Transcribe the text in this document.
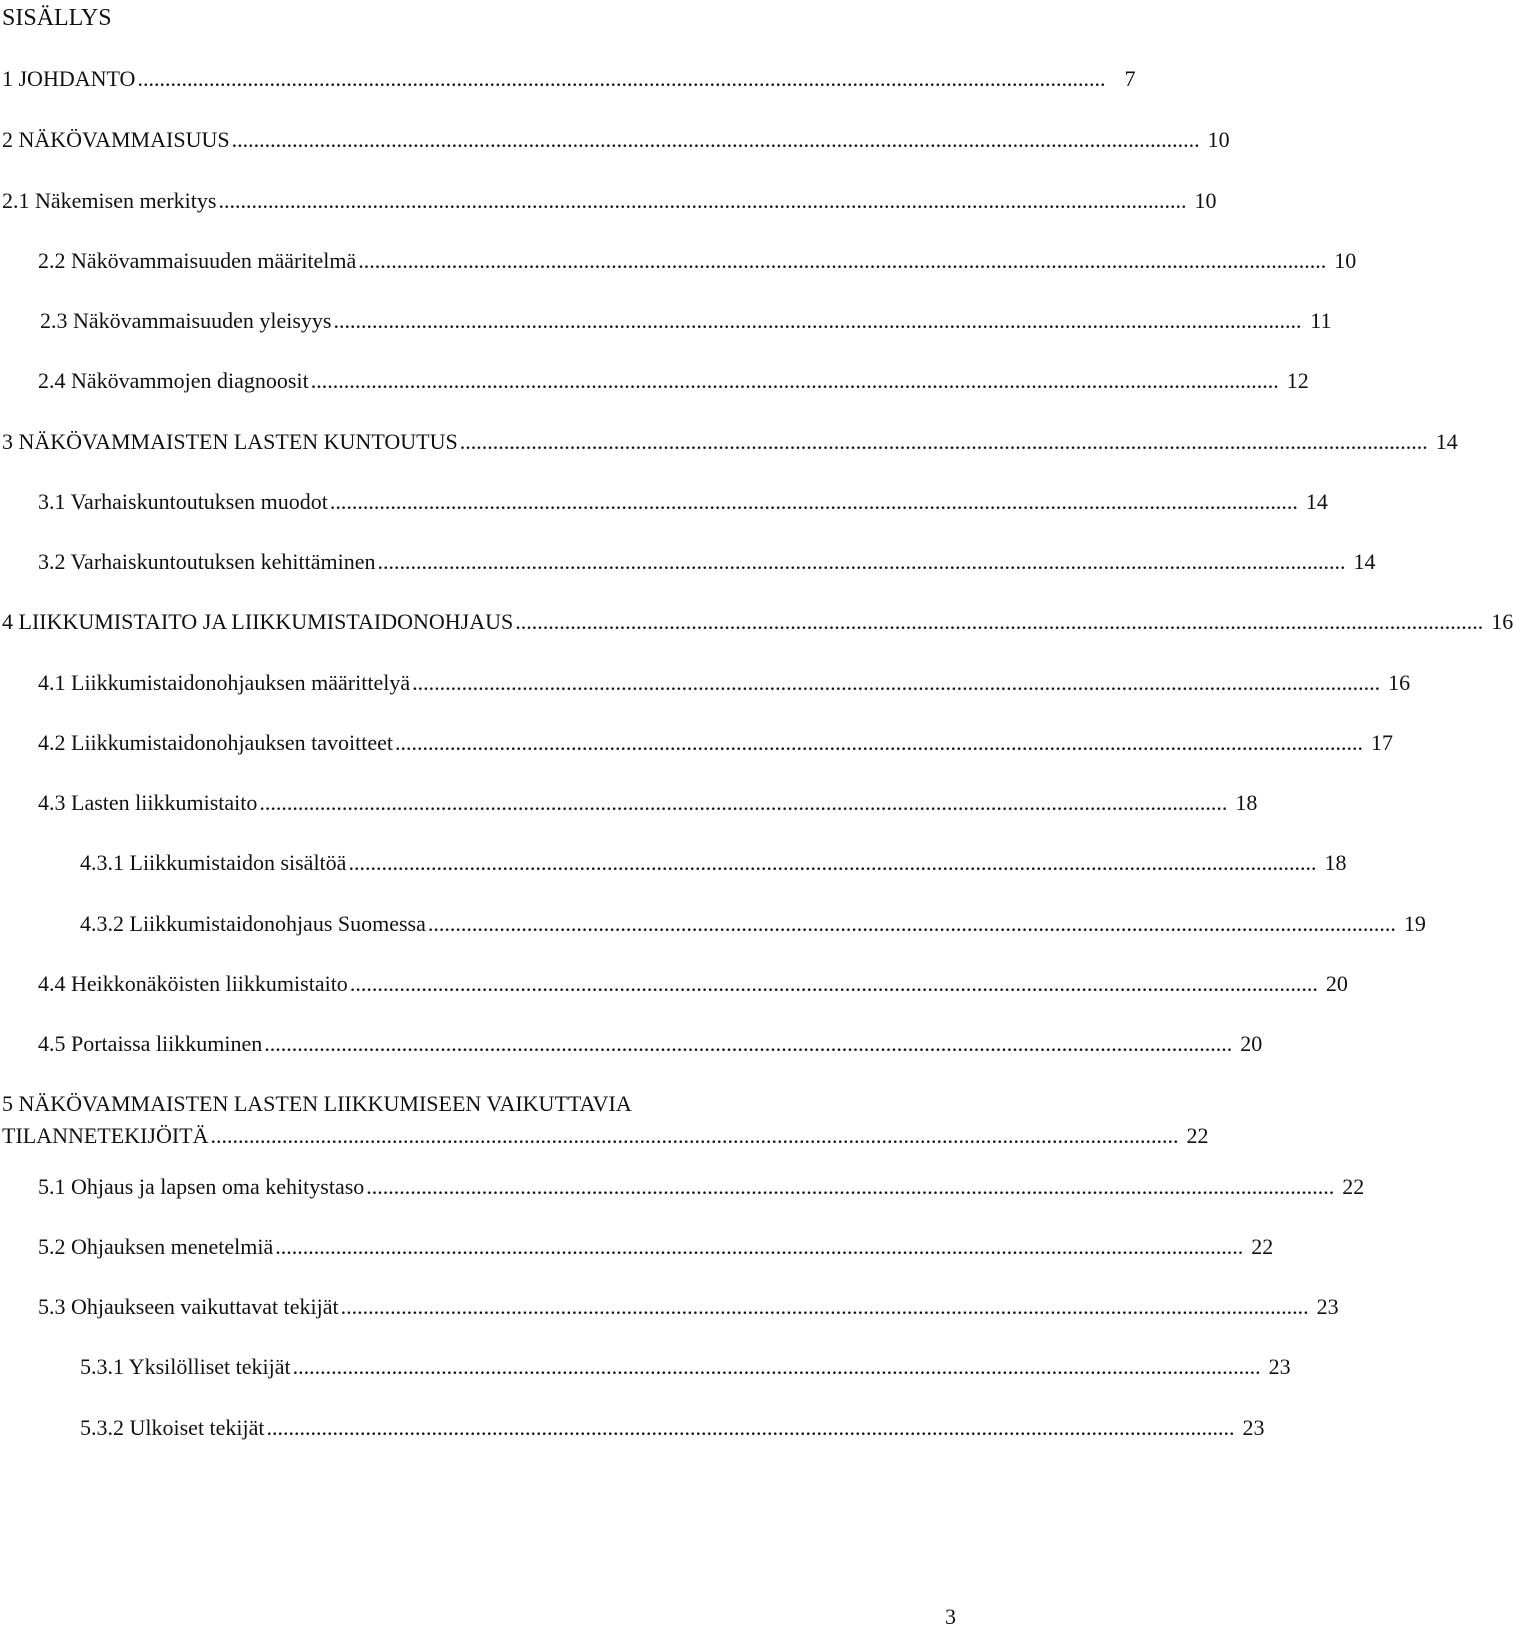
SISÄLLYS
1 JOHDANTO ................................................................................................................................................................................ 7
2 NÄKÖVAMMAISUUS ................................................................................................................................................................................ 10
2.1 Näkemisen merkitys ................................................................................................................................................................................ 10
2.2 Näkövammaisuuden määritelmä ................................................................................................................................................................................ 10
2.3 Näkövammaisuuden yleisyys ................................................................................................................................................................................ 11
2.4 Näkövammojen diagnoosit ................................................................................................................................................................................ 12
3 NÄKÖVAMMAISTEN LASTEN KUNTOUTUS ................................................................................................................................................................................ 14
3.1 Varhaiskuntoutuksen muodot ................................................................................................................................................................................ 14
3.2 Varhaiskuntoutuksen kehittäminen ................................................................................................................................................................................ 14
4 LIIKKUMISTAITO JA LIIKKUMISTAIDONOHJAUS ................................................................................................................................................................................ 16
4.1 Liikkumistaidonohjauksen määrittelyä ................................................................................................................................................................................ 16
4.2 Liikkumistaidonohjauksen tavoitteet ................................................................................................................................................................................ 17
4.3 Lasten liikkumistaito ................................................................................................................................................................................ 18
4.3.1 Liikkumistaidon sisältöä ................................................................................................................................................................................ 18
4.3.2 Liikkumistaidonohjaus Suomessa ................................................................................................................................................................................ 19
4.4 Heikkonäköisten liikkumistaito ................................................................................................................................................................................ 20
4.5 Portaissa liikkuminen ................................................................................................................................................................................ 20
5 NÄKÖVAMMAISTEN LASTEN LIIKKUMISEEN VAIKUTTAVIA
TILANNETEKIJÖITÄ ................................................................................................................................................................................ 22
5.1 Ohjaus ja lapsen oma kehitystaso ................................................................................................................................................................................ 22
5.2 Ohjauksen menetelmiä ................................................................................................................................................................................ 22
5.3 Ohjaukseen vaikuttavat tekijät ................................................................................................................................................................................ 23
5.3.1 Yksilölliset tekijät ................................................................................................................................................................................ 23
5.3.2 Ulkoiset tekijät ................................................................................................................................................................................ 23
3
